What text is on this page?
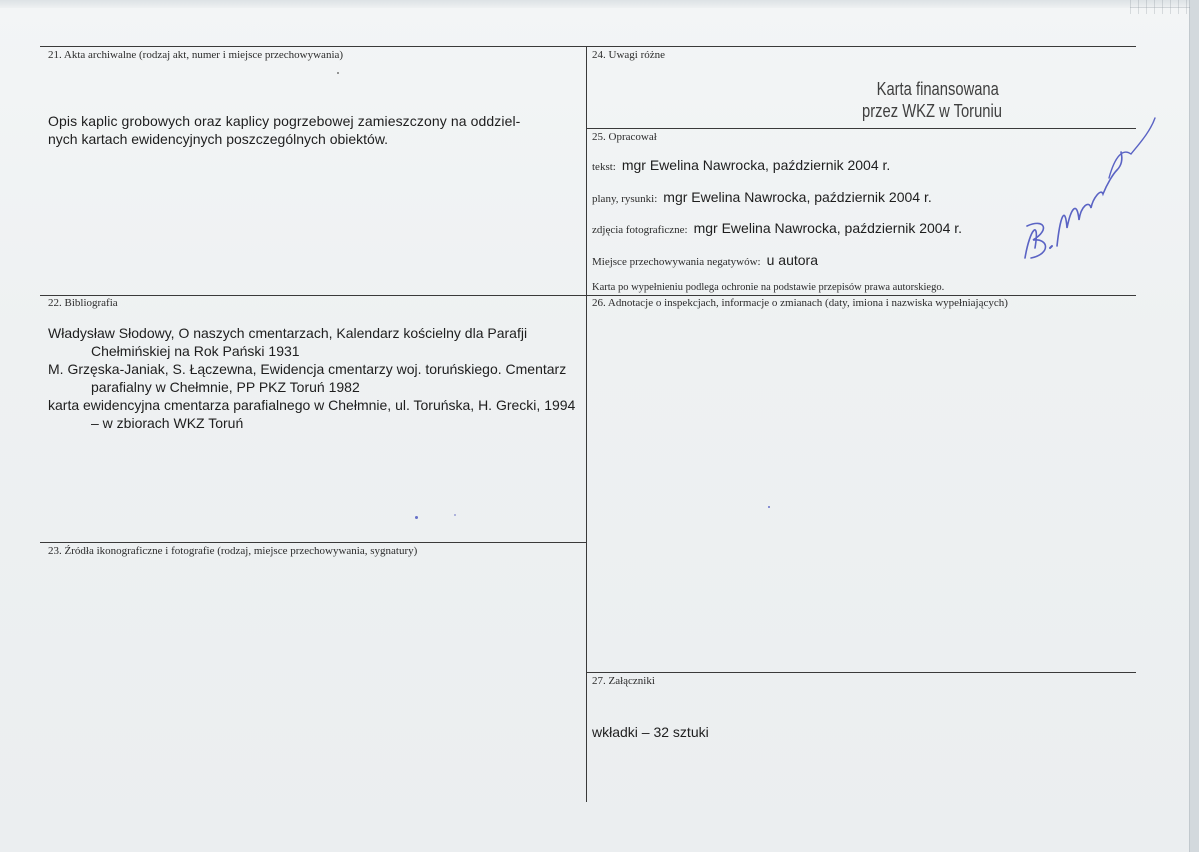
21. Akta archiwalne (rodzaj akt, numer i miejsce przechowywania)
Opis kaplic grobowych oraz kaplicy pogrzebowej zamieszczony na oddziel-
nych kartach ewidencyjnych poszczególnych obiektów.
22. Bibliografia

Władysław Słodowy, O naszych cmentarzach, Kalendarz kościelny dla Parafji Chełmińskiej na Rok Pański 1931

M. Grzęska-Janiak, S. Łączewna, Ewidencja cmentarzy woj. toruńskiego. Cmentarz parafialny w Chełmnie, PP PKZ Toruń 1982

karta ewidencyjna cmentarza parafialnego w Chełmnie, ul. Toruńska, H. Grecki, 1994 – w zbiorach WKZ Toruń

23. Źródła ikonograficzne i fotografie (rodzaj, miejsce przechowywania, sygnatury)
24. Uwagi różne
Karta finansowana
przez WKZ w Toruniu
25. Opracował
tekst: mgr Ewelina Nawrocka, październik 2004 r.
plany, rysunki: mgr Ewelina Nawrocka, październik 2004 r.
zdjęcia fotograficzne: mgr Ewelina Nawrocka, październik 2004 r.
Miejsce przechowywania negatywów: u autora
Karta po wypełnieniu podlega ochronie na podstawie przepisów prawa autorskiego.
26. Adnotacje o inspekcjach, informacje o zmianach (daty, imiona i nazwiska wypełniających)
27. Załączniki
wkładki – 32 sztuki
